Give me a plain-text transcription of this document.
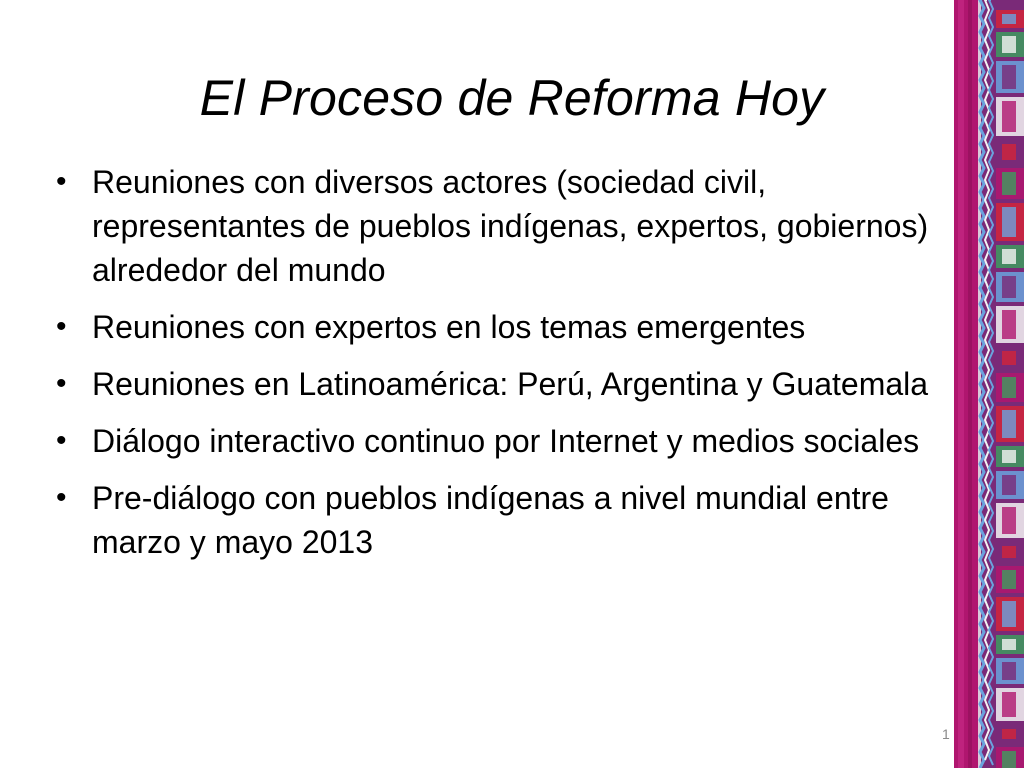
El Proceso de Reforma Hoy
• Reuniones con diversos actores (sociedad civil, representantes de pueblos indígenas, expertos, gobiernos) alrededor del mundo
• Reuniones con expertos en los temas emergentes
• Reuniones en Latinoamérica: Perú, Argentina y Guatemala
• Diálogo interactivo continuo por Internet y medios sociales
• Pre-diálogo con pueblos indígenas a nivel mundial entre marzo y mayo 2013
1
